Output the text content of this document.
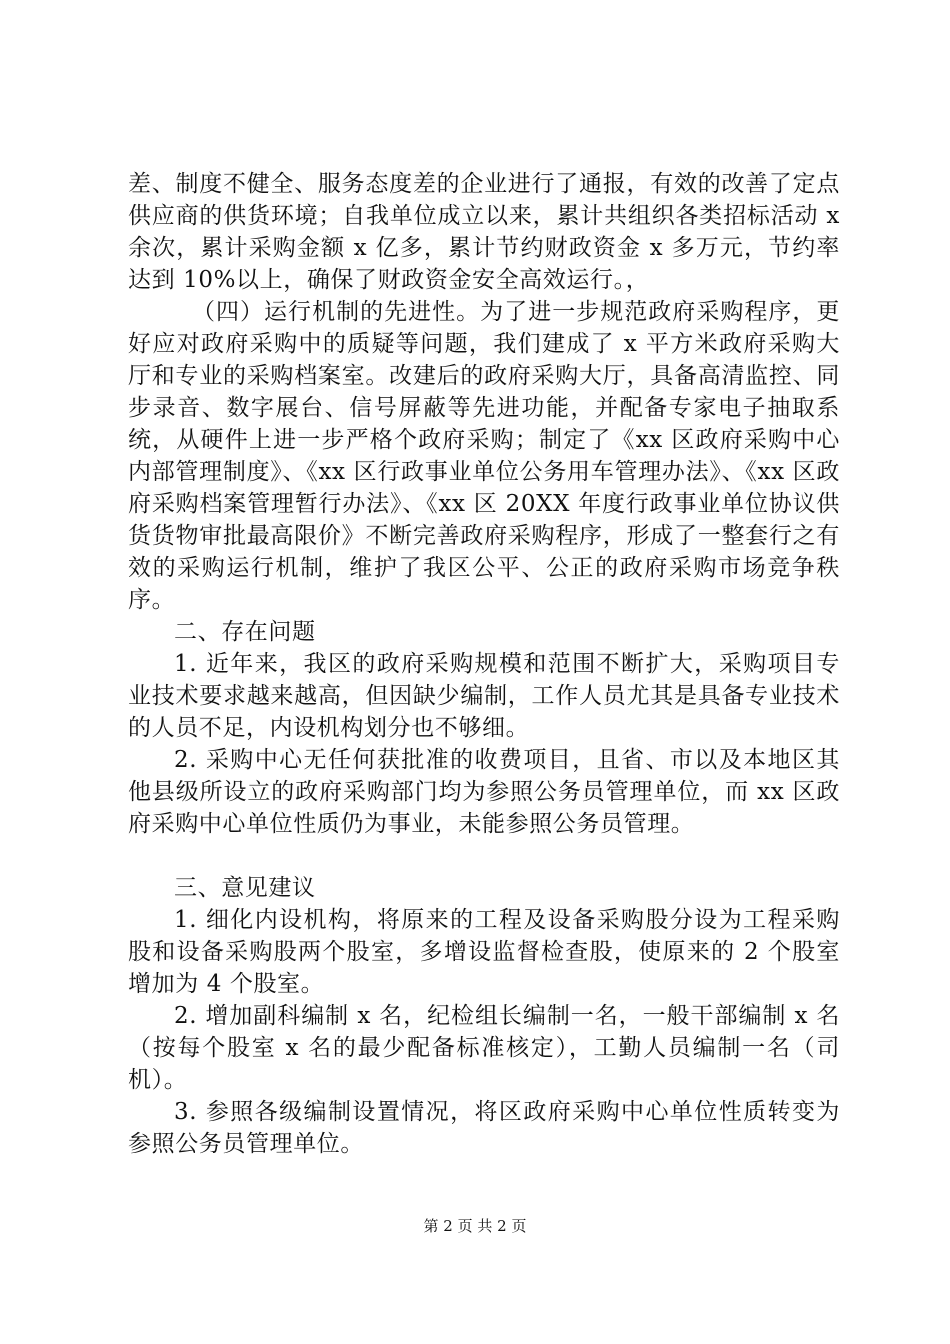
差、制度不健全、服务态度差的企业进行了通报，有效的改善了定点供应商的供货环境；自我单位成立以来，累计共组织各类招标活动 x 余次，累计采购金额 x 亿多，累计节约财政资金 x 多万元，节约率达到 10%以上，确保了财政资金安全高效运行。，

（四）运行机制的先进性。为了进一步规范政府采购程序，更好应对政府采购中的质疑等问题，我们建成了 x 平方米政府采购大厅和专业的采购档案室。改建后的政府采购大厅，具备高清监控、同步录音、数字展台、信号屏蔽等先进功能，并配备专家电子抽取系统，从硬件上进一步严格个政府采购；制定了《xx 区政府采购中心内部管理制度》、《xx 区行政事业单位公务用车管理办法》、《xx 区政府采购档案管理暂行办法》、《xx 区 20XX 年度行政事业单位协议供货货物审批最高限价》不断完善政府采购程序，形成了一整套行之有效的采购运行机制，维护了我区公平、公正的政府采购市场竞争秩序。

二、存在问题

1. 近年来，我区的政府采购规模和范围不断扩大，采购项目专业技术要求越来越高，但因缺少编制，工作人员尤其是具备专业技术的人员不足，内设机构划分也不够细。

2. 采购中心无任何获批准的收费项目，且省、市以及本地区其他县级所设立的政府采购部门均为参照公务员管理单位，而 xx 区政府采购中心单位性质仍为事业，未能参照公务员管理。

三、意见建议

1. 细化内设机构，将原来的工程及设备采购股分设为工程采购股和设备采购股两个股室，多增设监督检查股，使原来的 2 个股室增加为 4 个股室。

2. 增加副科编制 x 名，纪检组长编制一名，一般干部编制 x 名（按每个股室 x 名的最少配备标准核定），工勤人员编制一名（司机）。

3. 参照各级编制设置情况，将区政府采购中心单位性质转变为参照公务员管理单位。

第 2 页 共 2 页
